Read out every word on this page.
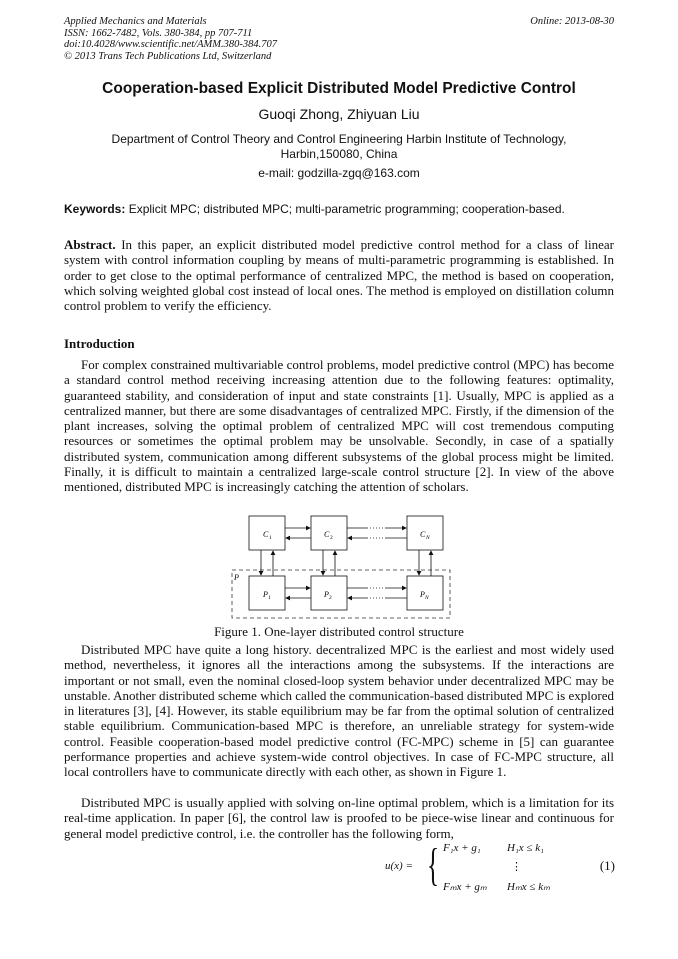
Applied Mechanics and Materials
ISSN: 1662-7482, Vols. 380-384, pp 707-711
doi:10.4028/www.scientific.net/AMM.380-384.707
© 2013 Trans Tech Publications Ltd, Switzerland
Online: 2013-08-30
Cooperation-based Explicit Distributed Model Predictive Control
Guoqi Zhong, Zhiyuan Liu
Department of Control Theory and Control Engineering Harbin Institute of Technology, Harbin,150080, China
e-mail: godzilla-zgq@163.com
Keywords: Explicit MPC; distributed MPC; multi-parametric programming; cooperation-based.

Abstract. In this paper, an explicit distributed model predictive control method for a class of linear system with control information coupling by means of multi-parametric programming is established. In order to get close to the optimal performance of centralized MPC, the method is based on cooperation, which solving weighted global cost instead of local ones. The method is employed on distillation column control problem to verify the efficiency.

Introduction

For complex constrained multivariable control problems, model predictive control (MPC) has become a standard control method receiving increasing attention due to the following features: optimality, guaranteed stability, and consideration of input and state constraints [1]. Usually, MPC is applied as a centralized manner, but there are some disadvantages of centralized MPC. Firstly, if the dimension of the plant increases, solving the optimal problem of centralized MPC will cost tremendous computing resources or sometimes the optimal problem may be unsolvable. Secondly, in case of a spatially distributed system, communication among different subsystems of the global process might be limited. Finally, it is difficult to maintain a centralized large-scale control structure [2]. In view of the above mentioned, distributed MPC is increasingly catching the attention of scholars.

P
C 1	C 2	C N
P 1	P 2	P N
Figure 1. One-layer distributed control structure

Distributed MPC have quite a long history. decentralized MPC is the earliest and most widely used method, nevertheless, it ignores all the interactions among the subsystems. If the interactions are important or not small, even the nominal closed-loop system behavior under decentralized MPC may be unstable. Another distributed scheme which called the communication-based distributed MPC is explored in literatures [3], [4]. However, its stable equilibrium may be far from the optimal solution of centralized stable equilibrium. Communication-based MPC is therefore, an unreliable strategy for system-wide control. Feasible cooperation-based model predictive control (FC-MPC) scheme in [5] can guarantee performance properties and achieve system-wide control objectives. In case of FC-MPC structure, all local controllers have to communicate directly with each other, as shown in Figure 1.

Distributed MPC is usually applied with solving on-line optimal problem, which is a limitation for its real-time application. In paper [6], the control law is proofed to be piece-wise linear and continuous for general model predictive control, i.e. the controller has the following form,

u(x) = { F₁x + g₁ H₁x ≤ k₁
⋮
Fₘx + gₘ Hₘx ≤ kₘ
(1)
